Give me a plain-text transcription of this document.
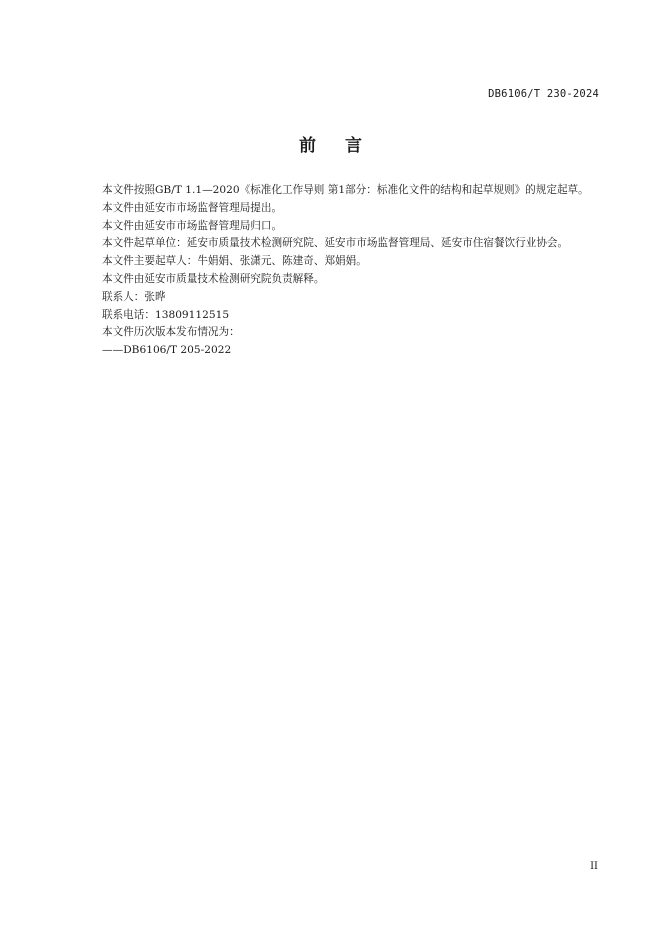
DB6106/T 230-2024
前 言

本文件按照GB/T 1.1—2020《标准化工作导则 第1部分：标准化文件的结构和起草规则》的规定起草。

本文件由延安市市场监督管理局提出。

本文件由延安市市场监督管理局归口。

本文件起草单位：延安市质量技术检测研究院、延安市市场监督管理局、延安市住宿餐饮行业协会。

本文件主要起草人：牛娟娟、张潇元、陈建奇、郑娟娟。

本文件由延安市质量技术检测研究院负责解释。

联系人：张晔

联系电话：13809112515

本文件历次版本发布情况为：

——DB6106/T 205-2022

II
